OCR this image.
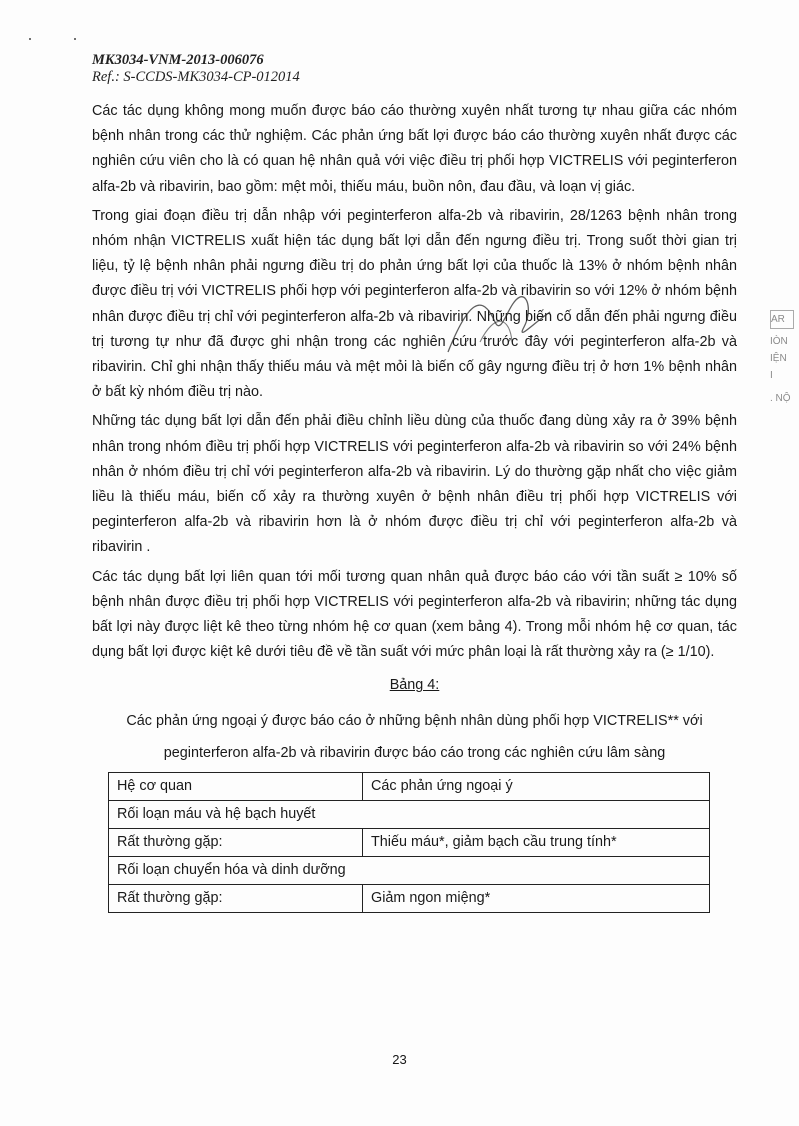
MK3034-VNM-2013-006076
Ref.: S-CCDS-MK3034-CP-012014

Các tác dụng không mong muốn được báo cáo thường xuyên nhất tương tự nhau giữa các nhóm bệnh nhân trong các thử nghiệm. Các phản ứng bất lợi được báo cáo thường xuyên nhất được các nghiên cứu viên cho là có quan hệ nhân quả với việc điều trị phối hợp VICTRELIS với peginterferon alfa-2b và ribavirin, bao gồm: mệt mỏi, thiếu máu, buồn nôn, đau đầu, và loạn vị giác.

Trong giai đoạn điều trị dẫn nhập với peginterferon alfa-2b và ribavirin, 28/1263 bệnh nhân trong nhóm nhận VICTRELIS xuất hiện tác dụng bất lợi dẫn đến ngưng điều trị. Trong suốt thời gian trị liệu, tỷ lệ bệnh nhân phải ngưng điều trị do phản ứng bất lợi của thuốc là 13% ở nhóm bệnh nhân được điều trị với VICTRELIS phối hợp với peginterferon alfa-2b và ribavirin so với 12% ở nhóm bệnh nhân được điều trị chỉ với peginterferon alfa-2b và ribavirin. Những biến cố dẫn đến phải ngưng điều trị tương tự như đã được ghi nhận trong các nghiên cứu trước đây với peginterferon alfa-2b và ribavirin. Chỉ ghi nhận thấy thiếu máu và mệt mỏi là biến cố gây ngưng điều trị ở hơn 1% bệnh nhân ở bất kỳ nhóm điều trị nào.

Những tác dụng bất lợi dẫn đến phải điều chỉnh liều dùng của thuốc đang dùng xảy ra ở 39% bệnh nhân trong nhóm điều trị phối hợp VICTRELIS với peginterferon alfa-2b và ribavirin so với 24% bệnh nhân ở nhóm điều trị chỉ với peginterferon alfa-2b và ribavirin. Lý do thường gặp nhất cho việc giảm liều là thiếu máu, biến cố xảy ra thường xuyên ở bệnh nhân điều trị phối hợp VICTRELIS với peginterferon alfa-2b và ribavirin hơn là ở nhóm được điều trị chỉ với peginterferon alfa-2b và ribavirin .

Các tác dụng bất lợi liên quan tới mối tương quan nhân quả được báo cáo với tần suất ≥ 10% số bệnh nhân được điều trị phối hợp VICTRELIS với peginterferon alfa-2b và ribavirin; những tác dụng bất lợi này được liệt kê theo từng nhóm hệ cơ quan (xem bảng 4). Trong mỗi nhóm hệ cơ quan, tác dụng bất lợi được kiệt kê dưới tiêu đề về tần suất với mức phân loại là rất thường xảy ra (≥ 1/10).

Bảng 4:
Các phản ứng ngoại ý được báo cáo ở những bệnh nhân dùng phối hợp VICTRELIS** với
peginterferon alfa-2b và ribavirin được báo cáo trong các nghiên cứu lâm sàng
Hệ cơ quan	Các phản ứng ngoại ý
Rối loạn máu và hệ bạch huyết	
Rất thường gặp:	Thiếu máu*, giảm bạch cầu trung tính*
Rối loạn chuyển hóa và dinh dưỡng	
Rất thường gặp:	Giảm ngon miệng*
23
AR
IÒN
IỆN
I
. NỘ
